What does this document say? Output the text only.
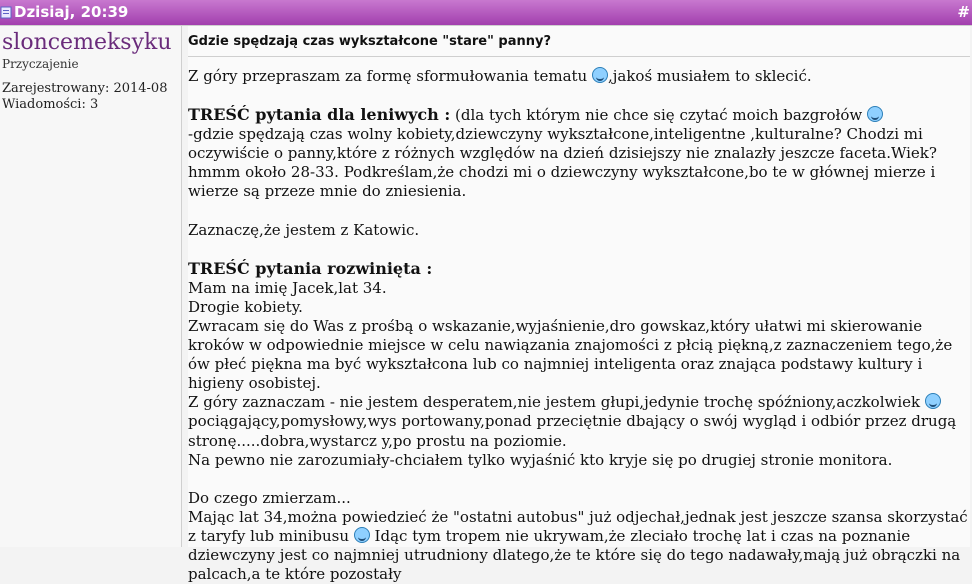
Dzisiaj, 20:39	#
sloncemeksyku
Przyczajenie
Zarejestrowany: 2014-08
Wiadomości: 3
Gdzie spędzają czas wykształcone "stare" panny?
Z góry przepraszam za formę sformułowania tematu ,jakoś musiałem to sklecić.
TREŚĆ pytania dla leniwych : (dla tych którym nie chce się czytać moich bazgrołów
-gdzie spędzają czas wolny kobiety,dziewczyny wykształcone,inteligentne ,kulturalne? Chodzi mi oczywiście o panny,które z różnych względów na dzień dzisiejszy nie znalazły jeszcze faceta.Wiek? hmmm około 28-33. Podkreślam,że chodzi mi o dziewczyny wykształcone,bo te w głównej mierze i wierze są przeze mnie do zniesienia.
Zaznaczę,że jestem z Katowic.
TREŚĆ pytania rozwinięta :
Mam na imię Jacek,lat 34.
Drogie kobiety.
Zwracam się do Was z prośbą o wskazanie,wyjaśnienie,dro gowskaz,który ułatwi mi skierowanie kroków w odpowiednie miejsce w celu nawiązania znajomości z płcią piękną,z zaznaczeniem tego,że ów płeć piękna ma być wykształcona lub co najmniej inteligenta oraz znająca podstawy kultury i higieny osobistej.
Z góry zaznaczam - nie jestem desperatem,nie jestem głupi,jedynie trochę spóźniony,aczkolwiek
pociągający,pomysłowy,wys portowany,ponad przeciętnie dbający o swój wygląd i odbiór przez drugą stronę.....dobra,wystarcz y,po prostu na poziomie.
Na pewno nie zarozumiały-chciałem tylko wyjaśnić kto kryje się po drugiej stronie monitora.
Do czego zmierzam...
Mając lat 34,można powiedzieć że "ostatni autobus" już odjechał,jednak jest jeszcze szansa skorzystać z taryfy lub minibusu  Idąc tym tropem nie ukrywam,że zleciało trochę lat i czas na poznanie dziewczyny jest co najmniej utrudniony dlatego,że te które się do tego nadawały,mają już obrączki na palcach,a te które pozostały
